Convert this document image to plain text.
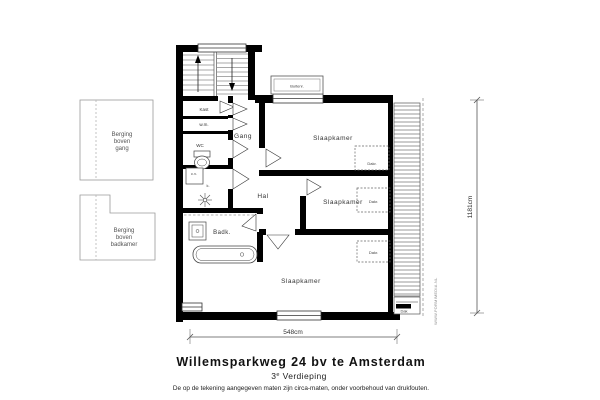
Berging
boven
gang
Berging
boven
badkamer
Buitenr.
c.v.
k.
Dakr.
Dakr.
Dakr.
Dak
Kast
w.m.
WC
Gang
Hal
Badk.
Slaapkamer
Slaapkamer
Slaapkamer
548cm
1181cm
WWW.FORMIMEDIA.NL
Willemsparkweg 24 bv te Amsterdam
3e Verdieping
De op de tekening aangegeven maten zijn circa-maten, onder voorbehoud van drukfouten.
